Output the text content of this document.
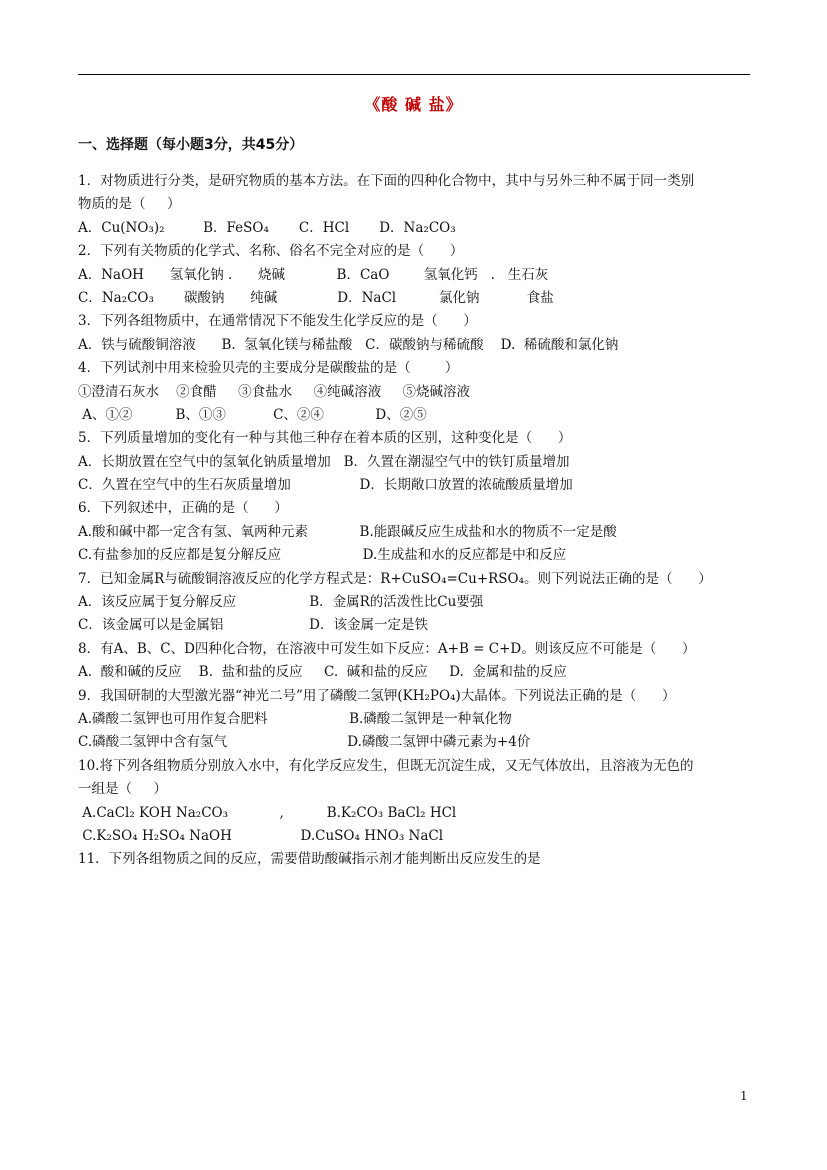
《酸 碱 盐》
一、选择题（每小题3分，共45分）
1．对物质进行分类，是研究物质的基本方法。在下面的四种化合物中，其中与另外三种不属于同一类别
物质的是（     ）
A．Cu(NO₃)₂         B．FeSO₄       C．HCl       D．Na₂CO₃
2．下列有关物质的化学式、名称、俗名不完全对应的是（      ）
A．NaOH      氢氧化钠 .      烧碱            B．CaO        氢氧化钙   .   生石灰
C．Na₂CO₃       碳酸钠      纯碱              D．NaCl          氯化钠           食盐
3．下列各组物质中，在通常情况下不能发生化学反应的是（      ）
A．铁与硫酸铜溶液      B.  氢氧化镁与稀盐酸   C．碳酸钠与稀硫酸    D.  稀硫酸和氯化钠
4．下列试剂中用来检验贝壳的主要成分是碳酸盐的是（        ）
①澄清石灰水    ②食醋     ③食盐水     ④纯碱溶液     ⑤烧碱溶液
A、①②          B、①③           C、②④            D、②⑤
5．下列质量增加的变化有一种与其他三种存在着本质的区别，这种变化是（      ）
A．长期放置在空气中的氢氧化钠质量增加   B．久置在潮湿空气中的铁钉质量增加
C．久置在空气中的生石灰质量增加                D．长期敞口放置的浓硫酸质量增加
6．下列叙述中，正确的是（      ）
A.酸和碱中都一定含有氢、氧两种元素            B.能跟碱反应生成盐和水的物质不一定是酸
C.有盐参加的反应都是复分解反应                   D.生成盐和水的反应都是中和反应
7．已知金属R与硫酸铜溶液反应的化学方程式是：R+CuSO₄=Cu+RSO₄。则下列说法正确的是（      ）
A．该反应属于复分解反应                 B．金属R的活泼性比Cu要强
C．该金属可以是金属铝                    D．该金属一定是铁
8．有A、B、C、D四种化合物，在溶液中可发生如下反应：A+B = C+D。则该反应不可能是（      ）
A.  酸和碱的反应    B.  盐和盐的反应     C.  碱和盐的反应     D.  金属和盐的反应
9．我国研制的大型激光器“神光二号”用了磷酸二氢钾(KH₂PO₄)大晶体。下列说法正确的是（      ）
A.磷酸二氢钾也可用作复合肥料                   B.磷酸二氢钾是一种氧化物
C.磷酸二氢钾中含有氢气                            D.磷酸二氢钾中磷元素为+4价
10.将下列各组物质分别放入水中，有化学反应发生，但既无沉淀生成，又无气体放出，且溶液为无色的
一组是（     ）
A.CaCl₂ KOH Na₂CO₃            ,          B.K₂CO₃ BaCl₂ HCl
C.K₂SO₄ H₂SO₄ NaOH                D.CuSO₄ HNO₃ NaCl
11．下列各组物质之间的反应，需要借助酸碱指示剂才能判断出反应发生的是
1
